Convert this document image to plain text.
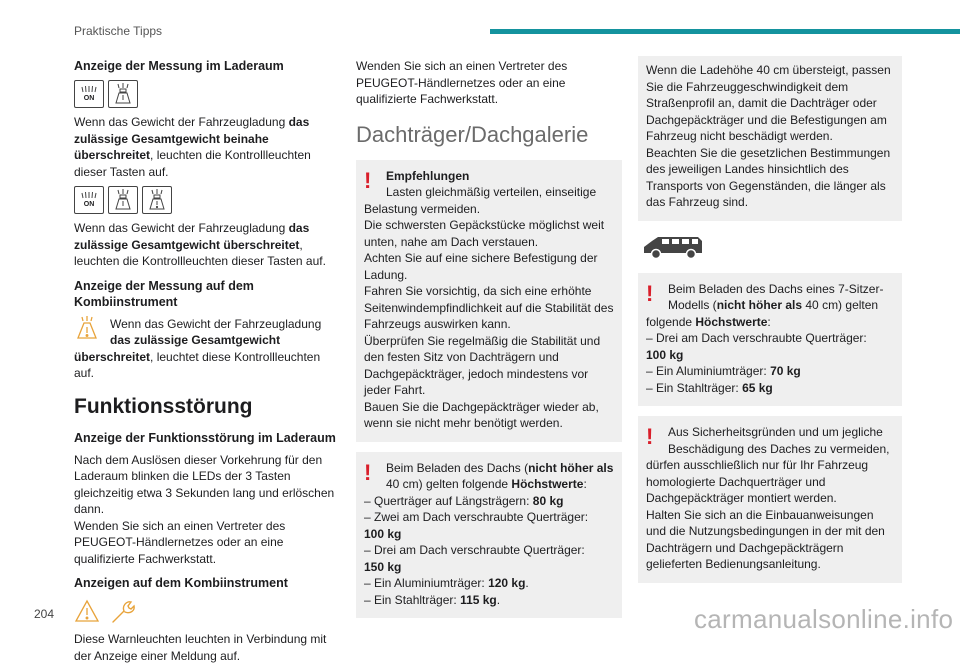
Praktische Tipps
Anzeige der Messung im Laderaum
ON

Wenn das Gewicht der Fahrzeugladung das zulässige Gesamtgewicht beinahe überschreitet, leuchten die Kontrollleuchten dieser Tasten auf.

ON

Wenn das Gewicht der Fahrzeugladung das zulässige Gesamtgewicht überschreitet, leuchten die Kontrollleuchten dieser Tasten auf.

Anzeige der Messung auf dem Kombiinstrument
Wenn das Gewicht der Fahrzeugladung das zulässige Gesamtgewicht überschreitet, leuchtet diese Kontrollleuchten auf.
Funktionsstörung
Anzeige der Funktionsstörung im Laderaum

Nach dem Auslösen dieser Vorkehrung für den Laderaum blinken die LEDs der 3 Tasten gleichzeitig etwa 3 Sekunden lang und erlöschen dann.

Wenden Sie sich an einen Vertreter des PEUGEOT-Händlernetzes oder an eine qualifizierte Fachwerkstatt.

Anzeigen auf dem Kombiinstrument

Diese Warnleuchten leuchten in Verbindung mit der Anzeige einer Meldung auf.

Wenden Sie sich an einen Vertreter des PEUGEOT-Händlernetzes oder an eine qualifizierte Fachwerkstatt.

Dachträger/Dachgalerie
!	Empfehlungen
Lasten gleichmäßig verteilen, einseitige Belastung vermeiden.
Die schwersten Gepäckstücke möglichst weit unten, nahe am Dach verstauen.
Achten Sie auf eine sichere Befestigung der Ladung.
Fahren Sie vorsichtig, da sich eine erhöhte Seitenwindempfindlichkeit auf die Stabilität des Fahrzeugs auswirken kann.
Überprüfen Sie regelmäßig die Stabilität und den festen Sitz von Dachträgern und Dachgepäckträger, jedoch mindestens vor jeder Fahrt.
Bauen Sie die Dachgepäckträger wieder ab, wenn sie nicht mehr benötigt werden.
!	Beim Beladen des Dachs (nicht höher als 40 cm) gelten folgende Höchstwerte:
– Querträger auf Längsträgern: 80 kg
– Zwei am Dach verschraubte Querträger:
100 kg
– Drei am Dach verschraubte Querträger:
150 kg
– Ein Aluminiumträger: 120 kg.
– Ein Stahlträger: 115 kg.
Wenn die Ladehöhe 40 cm übersteigt, passen Sie die Fahrzeuggeschwindigkeit dem Straßenprofil an, damit die Dachträger oder Dachgepäckträger und die Befestigungen am Fahrzeug nicht beschädigt werden.
Beachten Sie die gesetzlichen Bestimmungen des jeweiligen Landes hinsichtlich des Transports von Gegenständen, die länger als das Fahrzeug sind.
!	Beim Beladen des Dachs eines 7-Sitzer-Modells (nicht höher als 40 cm) gelten folgende Höchstwerte:
– Drei am Dach verschraubte Querträger:
100 kg
– Ein Aluminiumträger: 70 kg
– Ein Stahlträger: 65 kg
!	Aus Sicherheitsgründen und um jegliche Beschädigung des Daches zu vermeiden, dürfen ausschließlich nur für Ihr Fahrzeug homologierte Dachquerträger und Dachgepäckträger montiert werden.
Halten Sie sich an die Einbauanweisungen und die Nutzungsbedingungen in der mit den Dachträgern und Dachgepäckträgern gelieferten Bedienungsanleitung.
204	carmanualsonline.info
